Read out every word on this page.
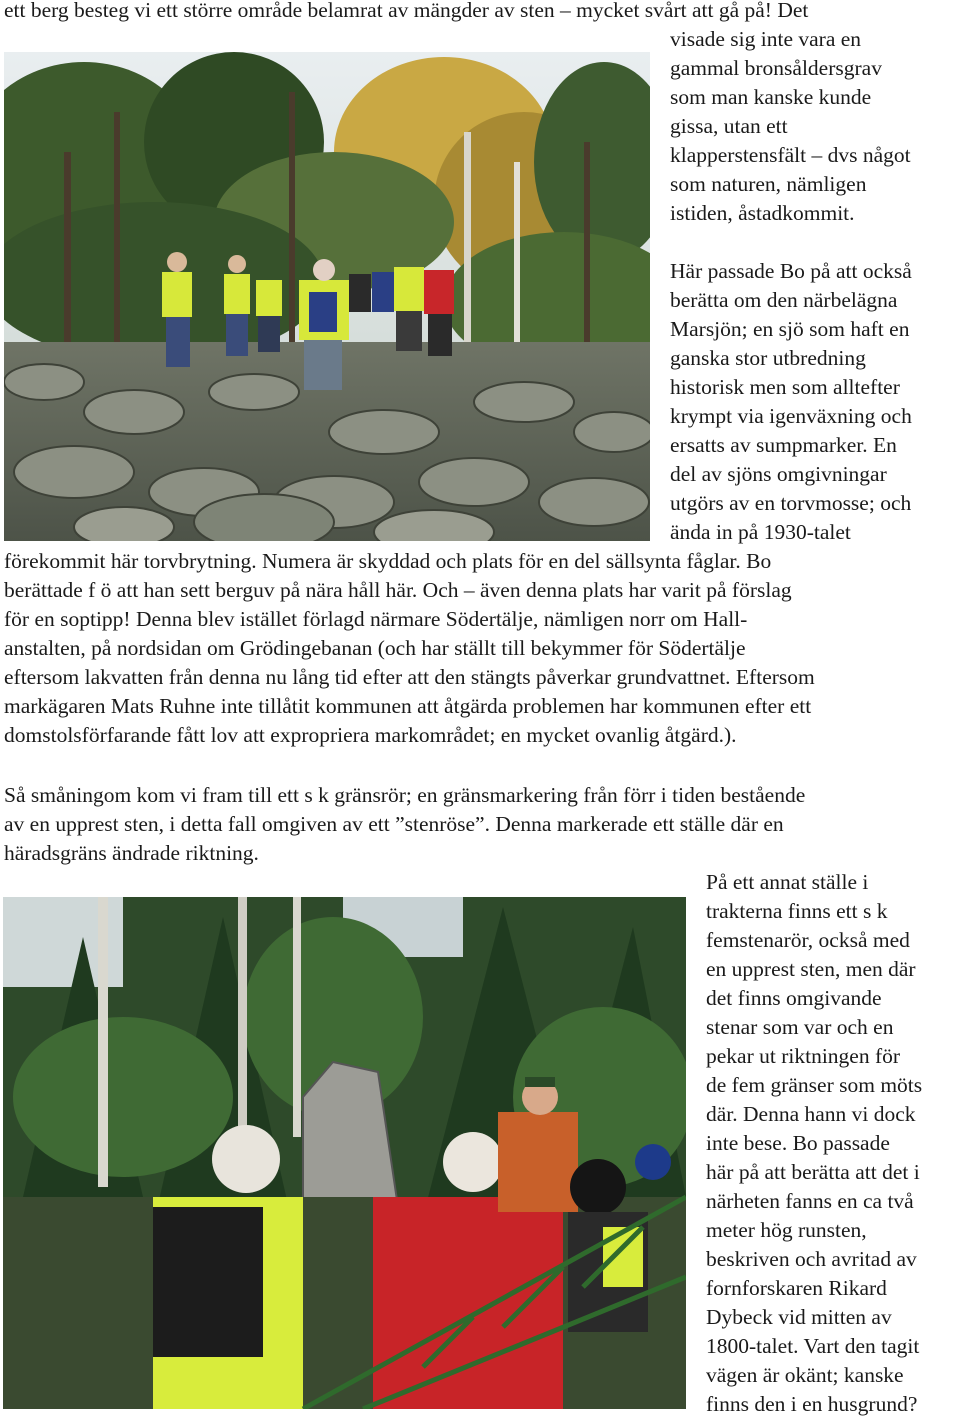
ett berg besteg vi ett större område belamrat av mängder av sten – mycket svårt att gå på! Det

visade sig inte vara en

gammal bronsåldersgrav

som man kanske kunde

gissa, utan ett

klapperstensfält – dvs något

som naturen, nämligen

istiden, åstadkommit.

Här passade Bo på att också

berätta om den närbelägna

Marsjön; en sjö som haft en

ganska stor utbredning

historisk men som alltefter

krympt via igenväxning och

ersatts av sumpmarker. En

del av sjöns omgivningar

utgörs av en torvmosse; och

ända in på 1930-talet

förekommit här torvbrytning. Numera är skyddad och plats för en del sällsynta fåglar. Bo

berättade f ö att han sett berguv på nära håll här. Och – även denna plats har varit på förslag

för en soptipp! Denna blev istället förlagd närmare Södertälje, nämligen norr om Hall-

anstalten, på nordsidan om Grödingebanan (och har ställt till bekymmer för Södertälje

eftersom lakvatten från denna nu lång tid efter att den stängts påverkar grundvattnet. Eftersom

markägaren Mats Ruhne inte tillåtit kommunen att åtgärda problemen har kommunen efter ett

domstolsförfarande fått lov att expropriera markområdet; en mycket ovanlig åtgärd.).

Så småningom kom vi fram till ett s k gränsrör; en gränsmarkering från förr i tiden bestående

av en upprest sten, i detta fall omgiven av ett ”stenröse”. Denna markerade ett ställe där en

häradsgräns ändrade riktning.

På ett annat ställe i

trakterna finns ett s k

femstenarör, också med

en upprest sten, men där

det finns omgivande

stenar som var och en

pekar ut riktningen för

de fem gränser som möts

där. Denna hann vi dock

inte bese. Bo passade

här på att berätta att det i

närheten fanns en ca två

meter hög runsten,

beskriven och avritad av

fornforskaren Rikard

Dybeck vid mitten av

1800-talet. Vart den tagit

vägen är okänt; kanske

finns den i en husgrund?
